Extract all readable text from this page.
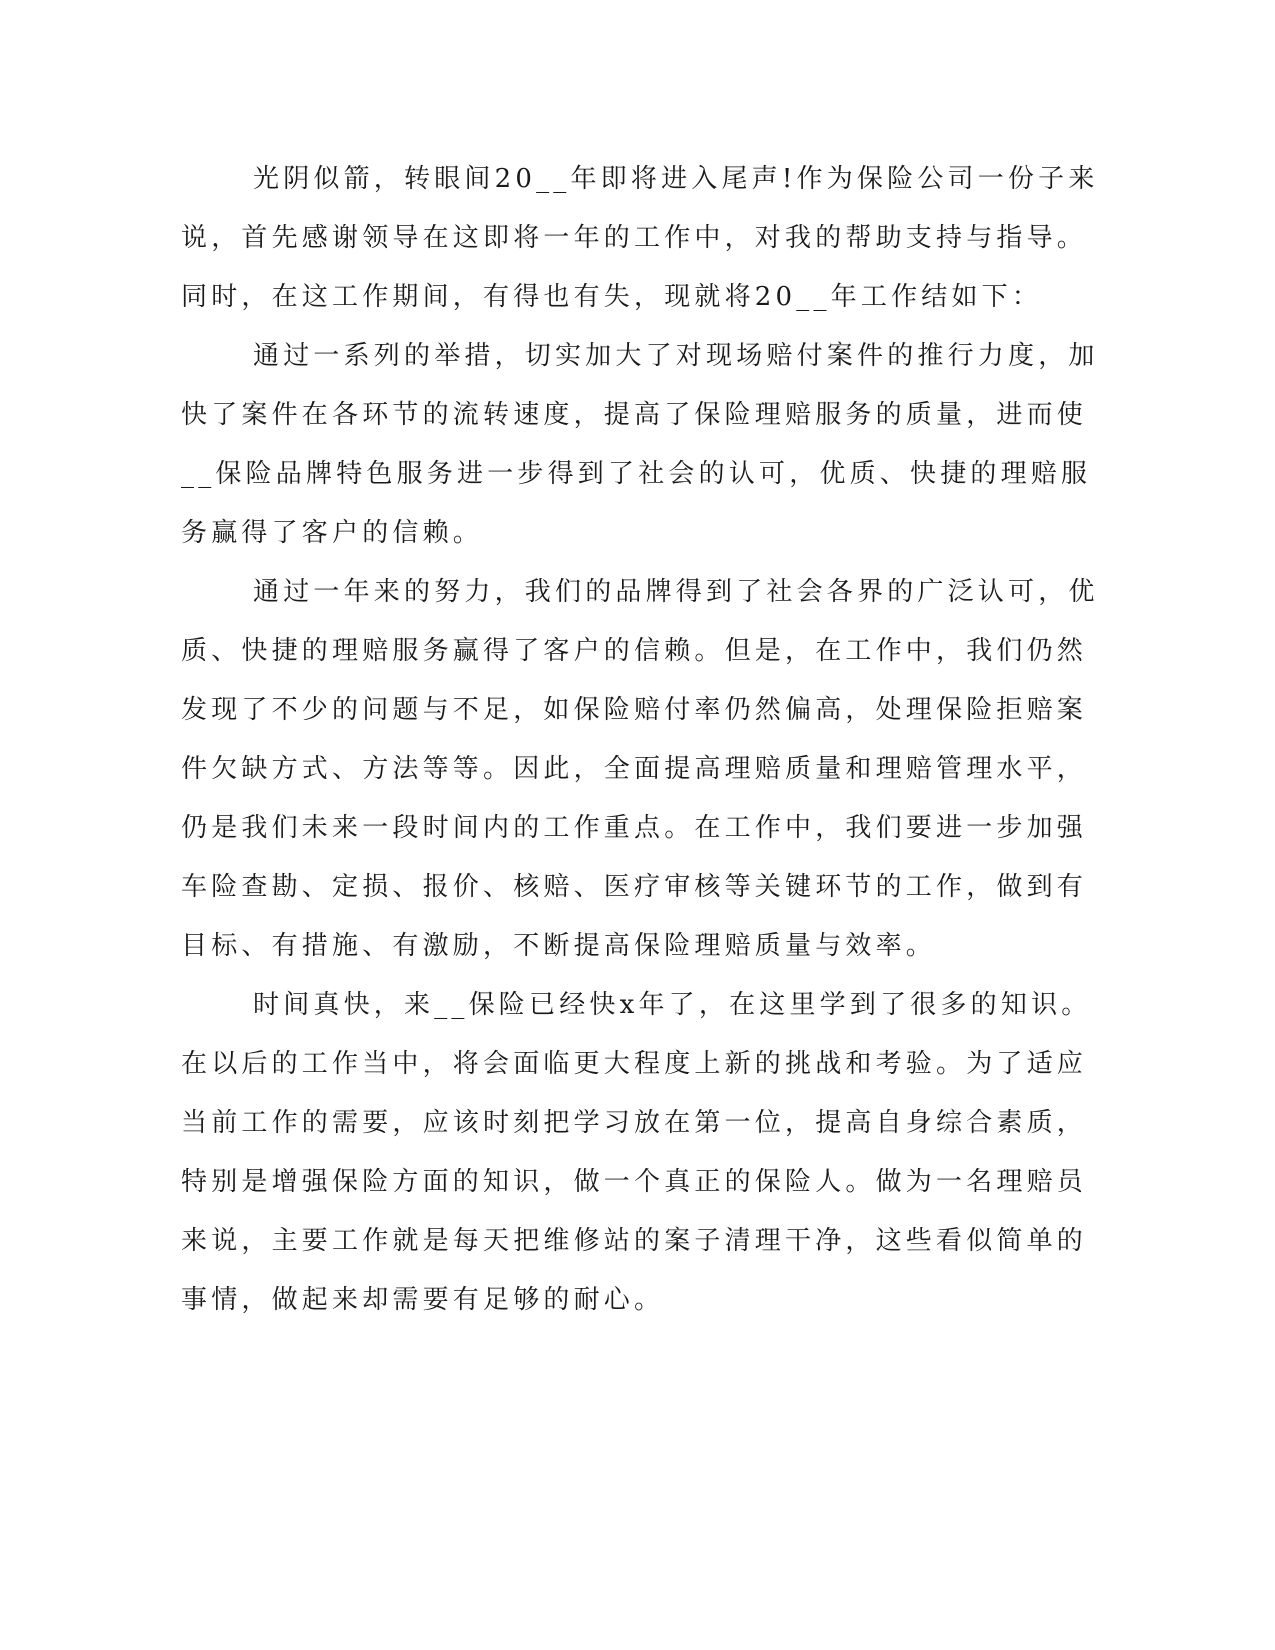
光阴似箭，转眼间20__年即将进入尾声!作为保险公司一份子来
说，首先感谢领导在这即将一年的工作中，对我的帮助支持与指导。
同时，在这工作期间，有得也有失，现就将20__年工作结如下：
通过一系列的举措，切实加大了对现场赔付案件的推行力度，加
快了案件在各环节的流转速度，提高了保险理赔服务的质量，进而使
__保险品牌特色服务进一步得到了社会的认可，优质、快捷的理赔服
务赢得了客户的信赖。
通过一年来的努力，我们的品牌得到了社会各界的广泛认可，优
质、快捷的理赔服务赢得了客户的信赖。但是，在工作中，我们仍然
发现了不少的问题与不足，如保险赔付率仍然偏高，处理保险拒赔案
件欠缺方式、方法等等。因此，全面提高理赔质量和理赔管理水平，
仍是我们未来一段时间内的工作重点。在工作中，我们要进一步加强
车险查勘、定损、报价、核赔、医疗审核等关键环节的工作，做到有
目标、有措施、有激励，不断提高保险理赔质量与效率。
时间真快，来__保险已经快x年了，在这里学到了很多的知识。
在以后的工作当中，将会面临更大程度上新的挑战和考验。为了适应
当前工作的需要，应该时刻把学习放在第一位，提高自身综合素质，
特别是增强保险方面的知识，做一个真正的保险人。做为一名理赔员
来说，主要工作就是每天把维修站的案子清理干净，这些看似简单的
事情，做起来却需要有足够的耐心。
